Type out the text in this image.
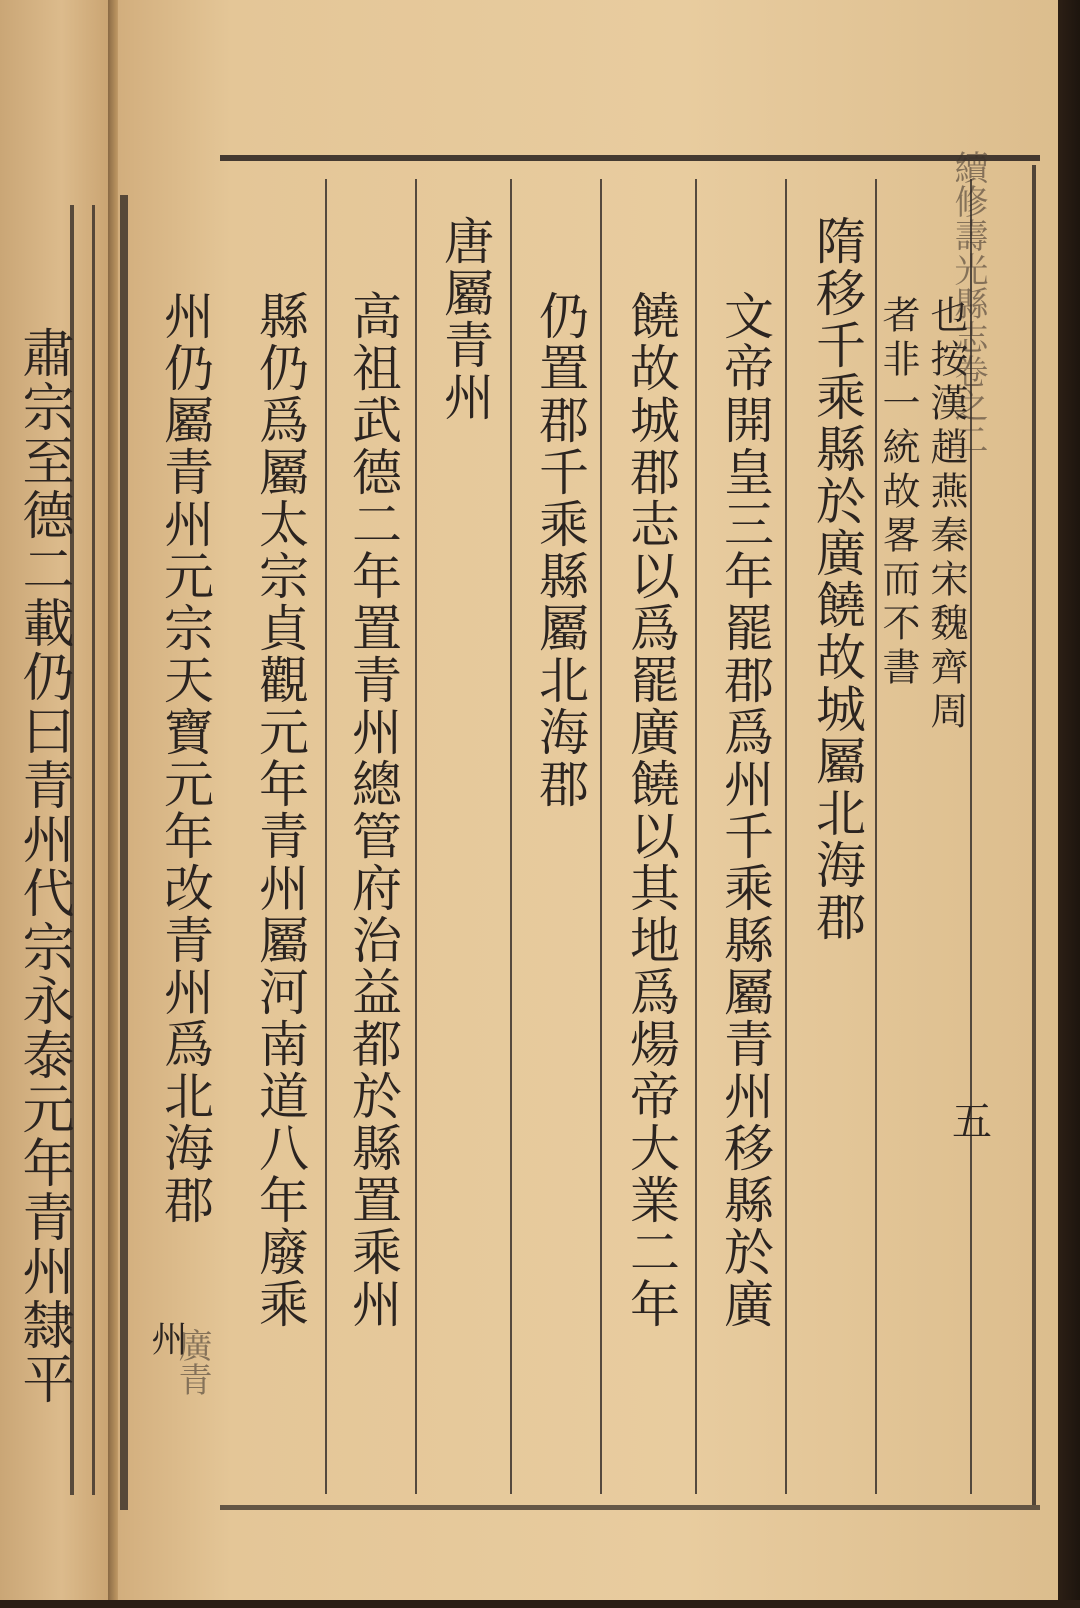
肅宗至德二載仍曰青州代宗永泰元年青州隸平	隋移千乘縣於廣饒故城屬北海郡 也按漢趙燕秦宋魏齊周
者非一統故畧而不書
文帝開皇三年罷郡爲州千乘縣屬青州移縣於廣
饒故城郡志以爲罷廣饒以其地爲煬帝大業二年
仍置郡千乘縣屬北海郡
唐屬青州
高祖武德二年置青州總管府治益都於縣置乘州
縣仍爲屬太宗貞觀元年青州屬河南道八年廢乘
州仍屬青州元宗天寶元年改青州爲北海郡
州
續修壽光縣志卷之二
五
廣青
